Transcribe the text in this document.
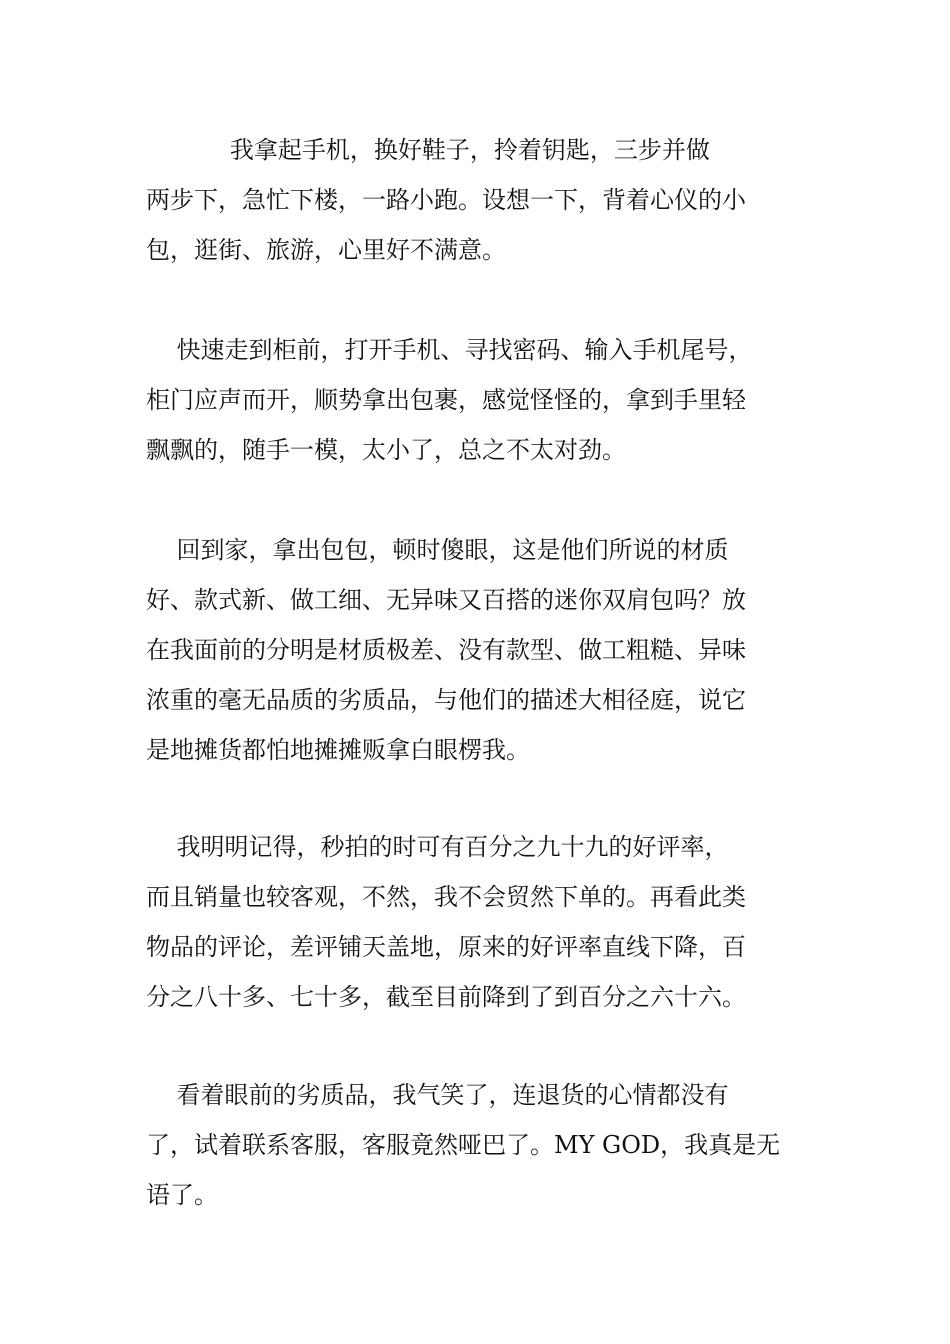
我拿起手机，换好鞋子，拎着钥匙，三步并做
两步下，急忙下楼，一路小跑。设想一下，背着心仪的小
包，逛街、旅游，心里好不满意。

快速走到柜前，打开手机、寻找密码、输入手机尾号，
柜门应声而开，顺势拿出包裹，感觉怪怪的，拿到手里轻
飘飘的，随手一模，太小了，总之不太对劲。

回到家，拿出包包，顿时傻眼，这是他们所说的材质
好、款式新、做工细、无异味又百搭的迷你双肩包吗？放
在我面前的分明是材质极差、没有款型、做工粗糙、异味
浓重的毫无品质的劣质品，与他们的描述大相径庭，说它
是地摊货都怕地摊摊贩拿白眼楞我。

我明明记得，秒拍的时可有百分之九十九的好评率，
而且销量也较客观，不然，我不会贸然下单的。再看此类
物品的评论，差评铺天盖地，原来的好评率直线下降，百
分之八十多、七十多，截至目前降到了到百分之六十六。

看着眼前的劣质品，我气笑了，连退货的心情都没有
了，试着联系客服，客服竟然哑巴了。MY GOD，我真是无
语了。
